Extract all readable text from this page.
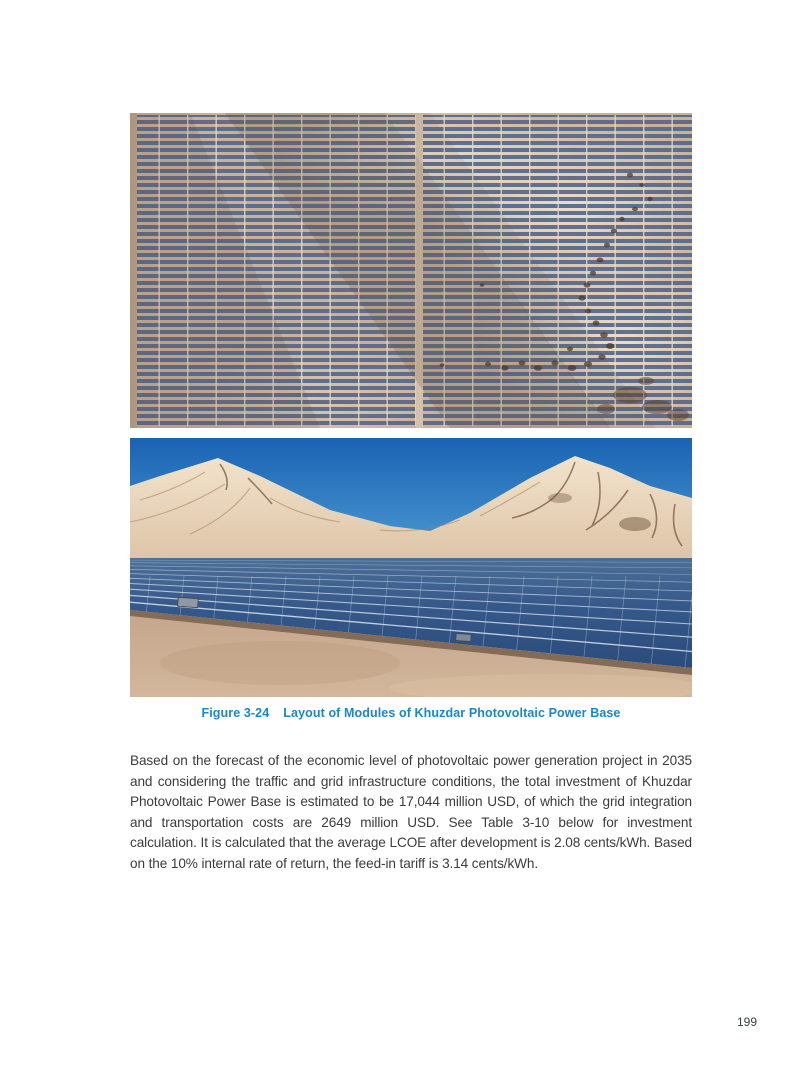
Figure 3-24 Layout of Modules of Khuzdar Photovoltaic Power Base
Based on the forecast of the economic level of photovoltaic power generation project in 2035 and considering the traffic and grid infrastructure conditions, the total investment of Khuzdar Photovoltaic Power Base is estimated to be 17,044 million USD, of which the grid integration and transportation costs are 2649 million USD. See Table 3-10 below for investment calculation. It is calculated that the average LCOE after development is 2.08 cents/kWh. Based on the 10% internal rate of return, the feed-in tariff is 3.14 cents/kWh.
199
